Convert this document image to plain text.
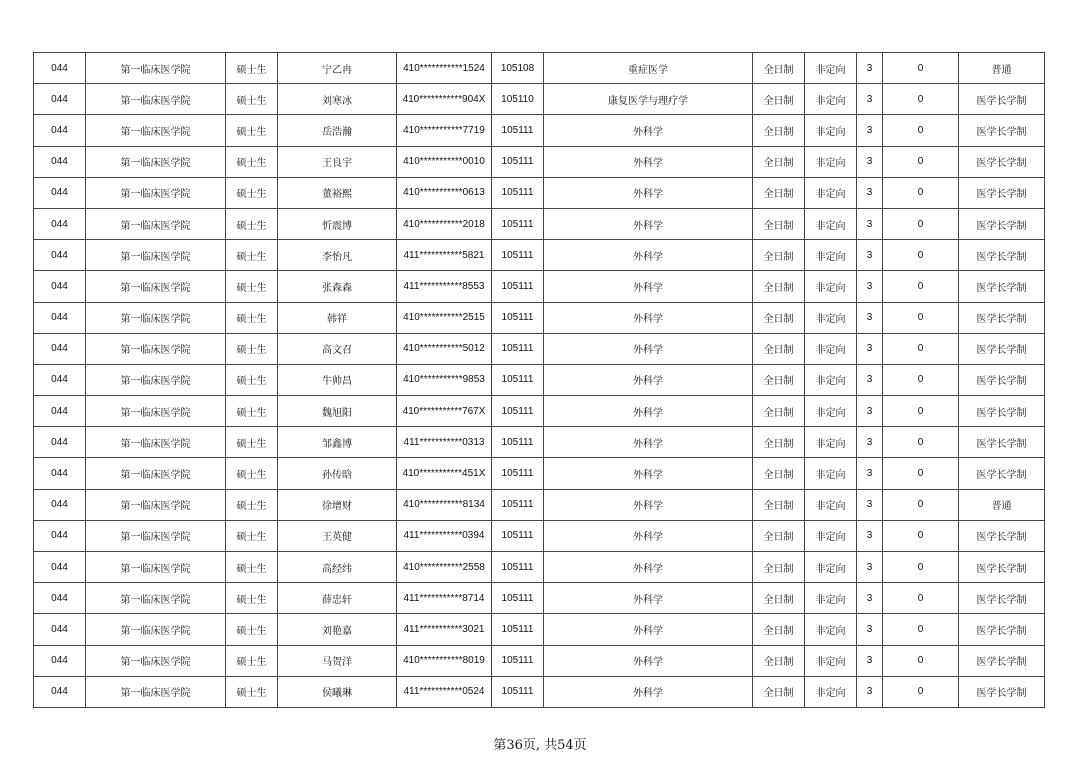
044	第一临床医学院	硕士生	宁乙冉	410***********1524	105108	重症医学	全日制	非定向	3	0	普通
044	第一临床医学院	硕士生	刘寒冰	410***********904X	105110	康复医学与理疗学	全日制	非定向	3	0	医学长学制
044	第一临床医学院	硕士生	岳浩瀚	410***********7719	105111	外科学	全日制	非定向	3	0	医学长学制
044	第一临床医学院	硕士生	王良宇	410***********0010	105111	外科学	全日制	非定向	3	0	医学长学制
044	第一临床医学院	硕士生	董裕熙	410***********0613	105111	外科学	全日制	非定向	3	0	医学长学制
044	第一临床医学院	硕士生	忻震博	410***********2018	105111	外科学	全日制	非定向	3	0	医学长学制
044	第一临床医学院	硕士生	李怡凡	411***********5821	105111	外科学	全日制	非定向	3	0	医学长学制
044	第一临床医学院	硕士生	张森森	411***********8553	105111	外科学	全日制	非定向	3	0	医学长学制
044	第一临床医学院	硕士生	韩祥	410***********2515	105111	外科学	全日制	非定向	3	0	医学长学制
044	第一临床医学院	硕士生	高文召	410***********5012	105111	外科学	全日制	非定向	3	0	医学长学制
044	第一临床医学院	硕士生	牛帅昌	410***********9853	105111	外科学	全日制	非定向	3	0	医学长学制
044	第一临床医学院	硕士生	魏旭阳	410***********767X	105111	外科学	全日制	非定向	3	0	医学长学制
044	第一临床医学院	硕士生	邹鑫博	411***********0313	105111	外科学	全日制	非定向	3	0	医学长学制
044	第一临床医学院	硕士生	孙传晗	410***********451X	105111	外科学	全日制	非定向	3	0	医学长学制
044	第一临床医学院	硕士生	徐增财	410***********8134	105111	外科学	全日制	非定向	3	0	普通
044	第一临床医学院	硕士生	王英健	411***********0394	105111	外科学	全日制	非定向	3	0	医学长学制
044	第一临床医学院	硕士生	高经纬	410***********2558	105111	外科学	全日制	非定向	3	0	医学长学制
044	第一临床医学院	硕士生	薛忠轩	411***********8714	105111	外科学	全日制	非定向	3	0	医学长学制
044	第一临床医学院	硕士生	刘艳嘉	411***********3021	105111	外科学	全日制	非定向	3	0	医学长学制
044	第一临床医学院	硕士生	马贺洋	410***********8019	105111	外科学	全日制	非定向	3	0	医学长学制
044	第一临床医学院	硕士生	侯曦琳	411***********0524	105111	外科学	全日制	非定向	3	0	医学长学制
第36页, 共54页
